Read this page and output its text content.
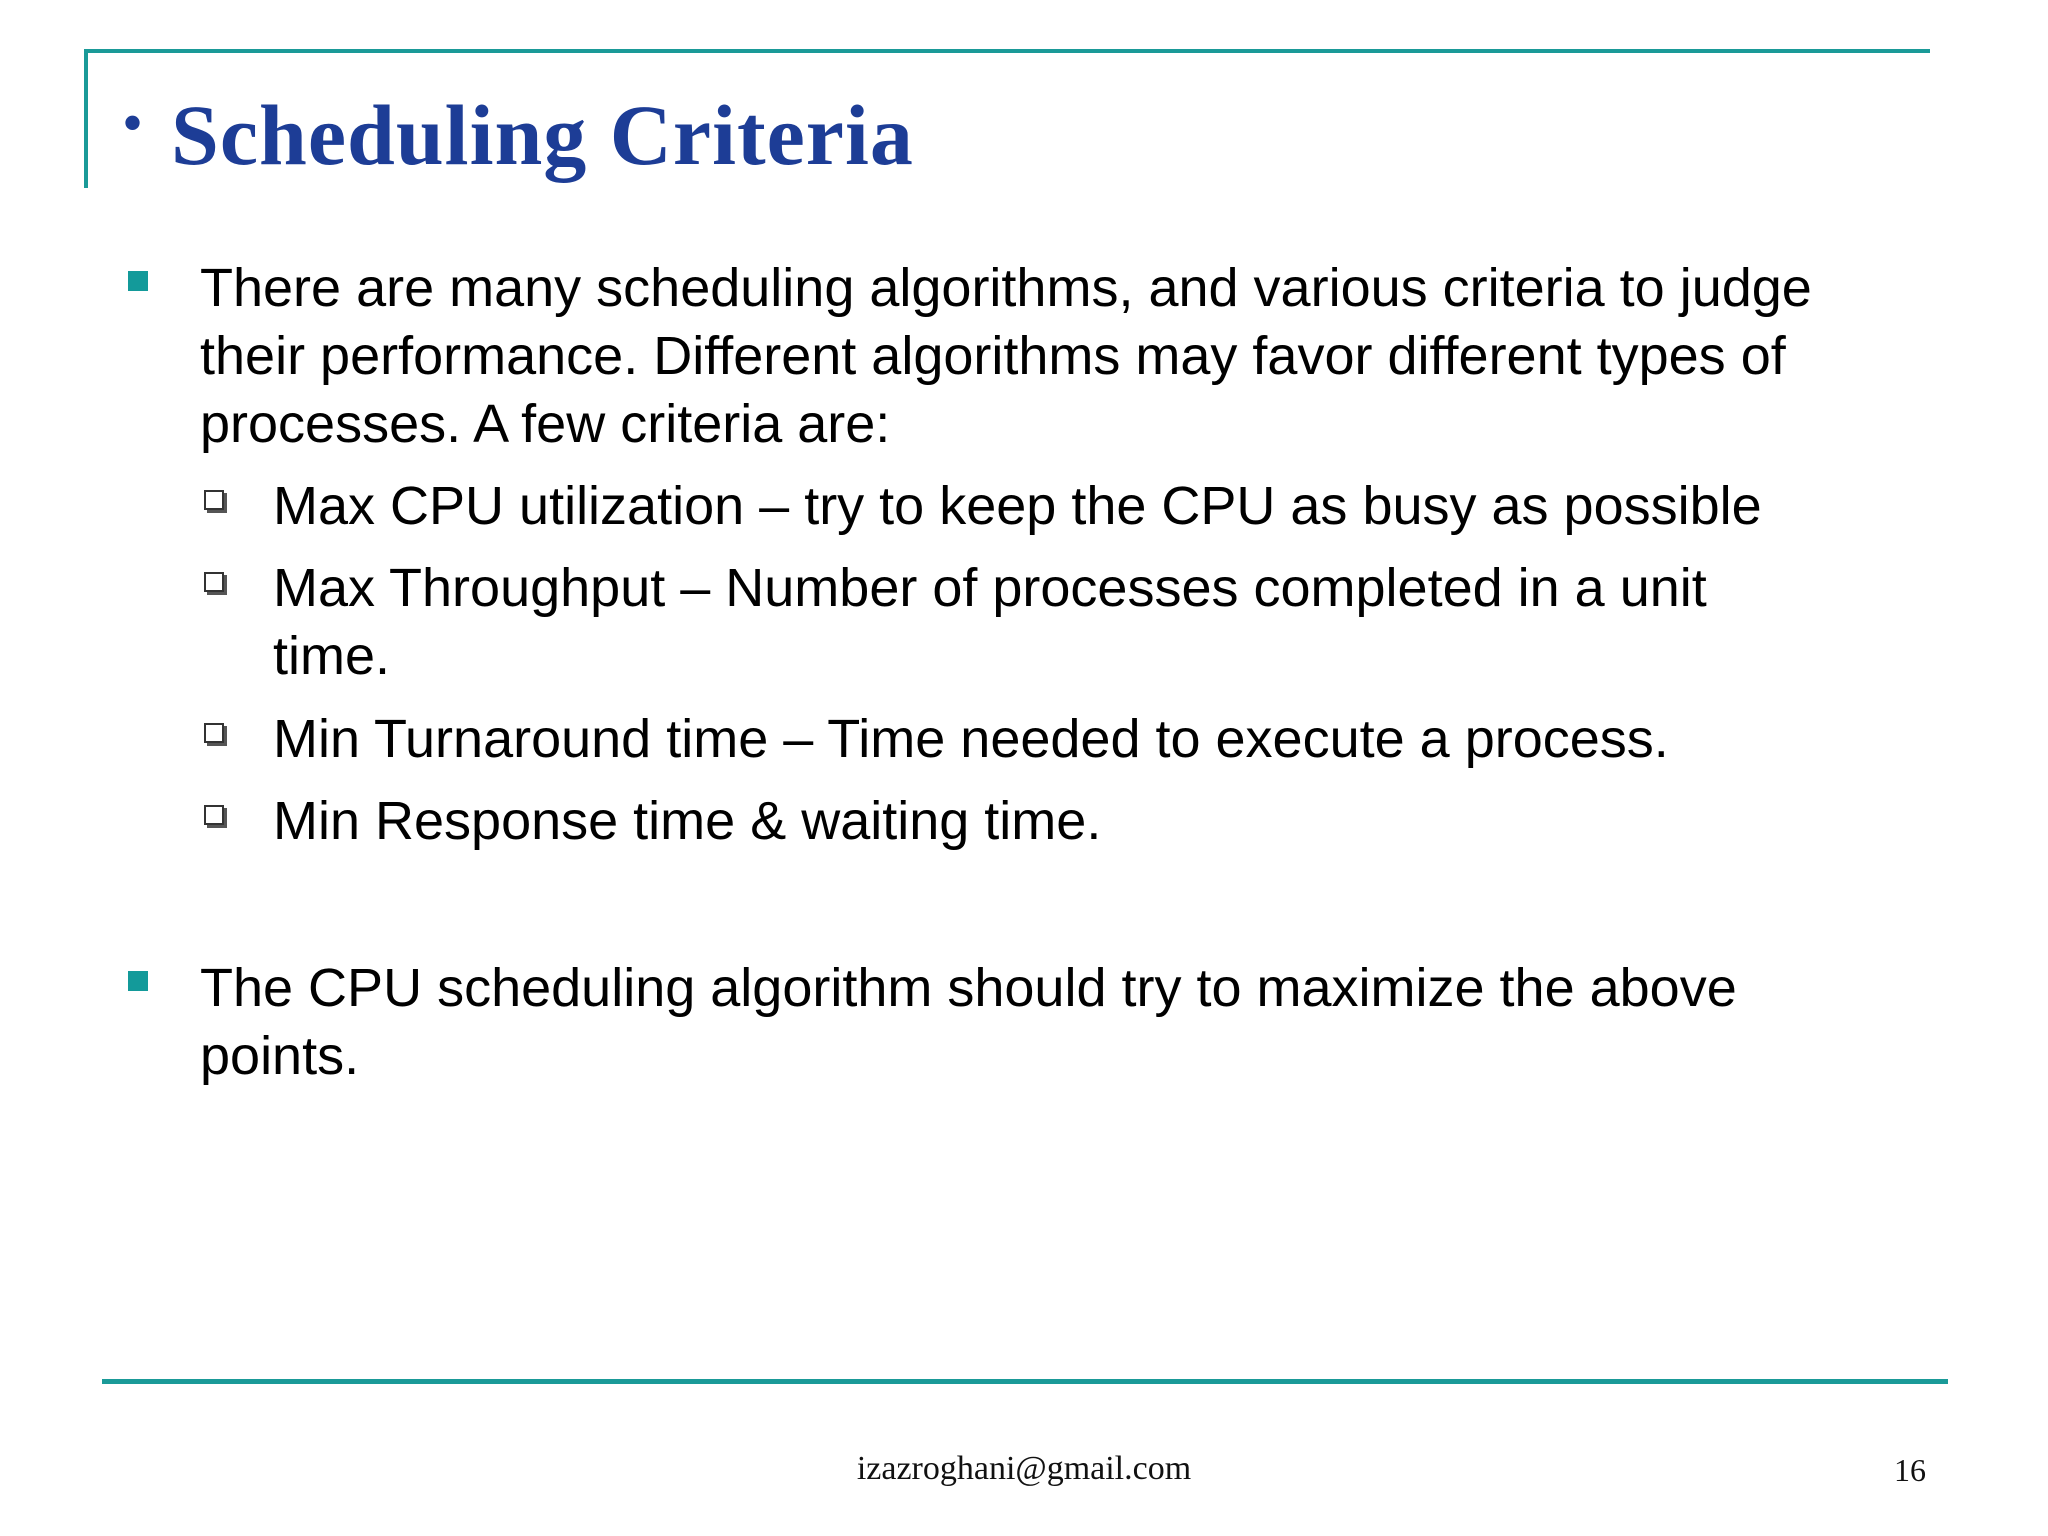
• Scheduling Criteria
There are many scheduling algorithms, and various criteria to judge
their performance. Different algorithms may favor different types of
processes. A few criteria are:
Max CPU utilization – try to keep the CPU as busy as possible
Max Throughput – Number of processes completed in a unit
time.
Min Turnaround time – Time needed to execute a process.
Min Response time & waiting time.
The CPU scheduling algorithm should try to maximize the above
points.
izazroghani@gmail.com	16
